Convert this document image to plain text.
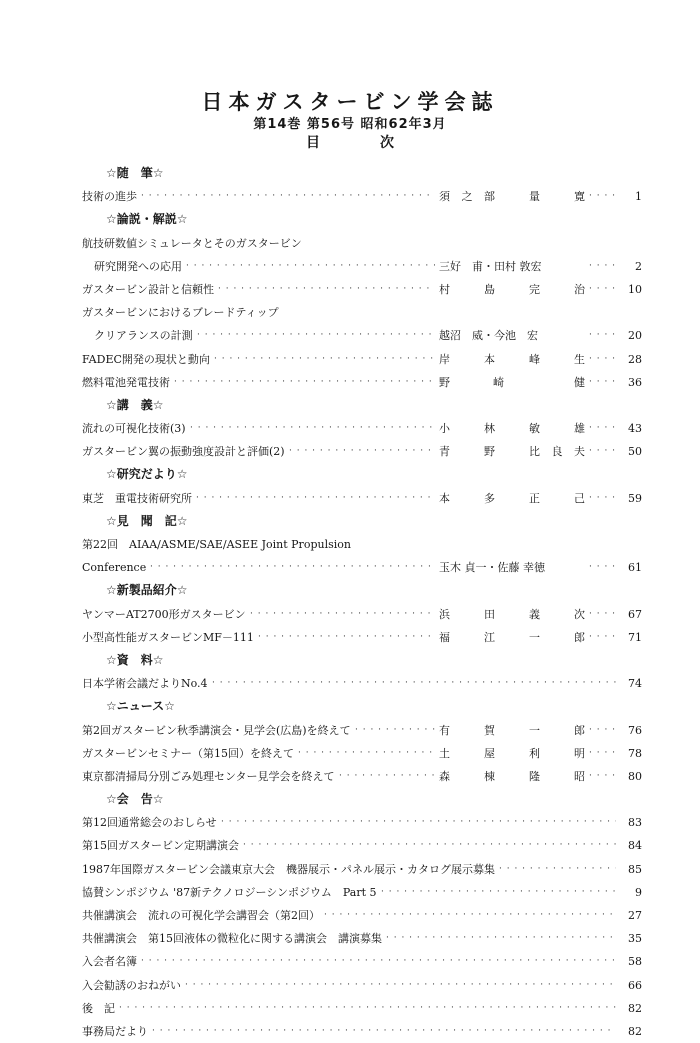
日本ガスタービン学会誌
第14巻 第56号 昭和62年3月
目次
☆随　筆☆
技術の進歩 · · ·	須之部　量　寛 · · ·	1
☆論説・解説☆
航技研数値シミュレータとそのガスタービン
研究開発への応用 · · ·	三好　甫・田村 敦宏 · · ·	2
ガスタービン設計と信頼性 · · ·	村　島　完　治 · · ·	10
ガスタービンにおけるブレードティップ
クリアランスの計測 · · ·	越沼　威・今池　宏 · · ·	20
FADEC開発の現状と動向 · · ·	岸　本　峰　生 · · ·	28
燃料電池発電技術 · · ·	野　崎　　健 · · ·	36
☆講　義☆
流れの可視化技術(3) · · ·	小　林　敏　雄 · · ·	43
ガスタービン翼の振動強度設計と評価(2) · · ·	青　野　比良夫 · · ·	50
☆研究だより☆
東芝　重電技術研究所 · · ·	本　多　正　己 · · ·	59
☆見　聞　記☆
第22回　AIAA/ASME/SAE/ASEE Joint Propulsion
Conference · · ·	玉木 貞一・佐藤 幸徳 · · ·	61
☆新製品紹介☆
ヤンマーAT2700形ガスタービン · · ·	浜　田　義　次 · · ·	67
小型高性能ガスタービンMF－111 · · ·	福　江　一　郎 · · ·	71
☆資　料☆
日本学術会議だよりNo.4 · · ·	74
☆ニュース☆
第2回ガスタービン秋季講演会・見学会(広島)を終えて · · ·	有　賀　一　郎 · · ·	76
ガスタービンセミナー（第15回）を終えて · · ·	土　屋　利　明 · · ·	78
東京都清掃局分別ごみ処理センター見学会を終えて · · ·	森　棟　隆　昭 · · ·	80
☆会　告☆
第12回通常総会のおしらせ · · ·	83
第15回ガスタービン定期講演会 · · ·	84
1987年国際ガスタービン会議東京大会　機器展示・パネル展示・カタログ展示募集 · · ·	85
協賛シンポジウム '87新テクノロジーシンポジウム　Part 5 · · ·	9
共催講演会　流れの可視化学会講習会（第2回） · · ·	27
共催講演会　第15回液体の微粒化に関する講演会　講演募集 · · ·	35
入会者名簿 · · ·	58
入会勧誘のおねがい · · ·	66
後　記 · · ·	82
事務局だより · · ·	82
